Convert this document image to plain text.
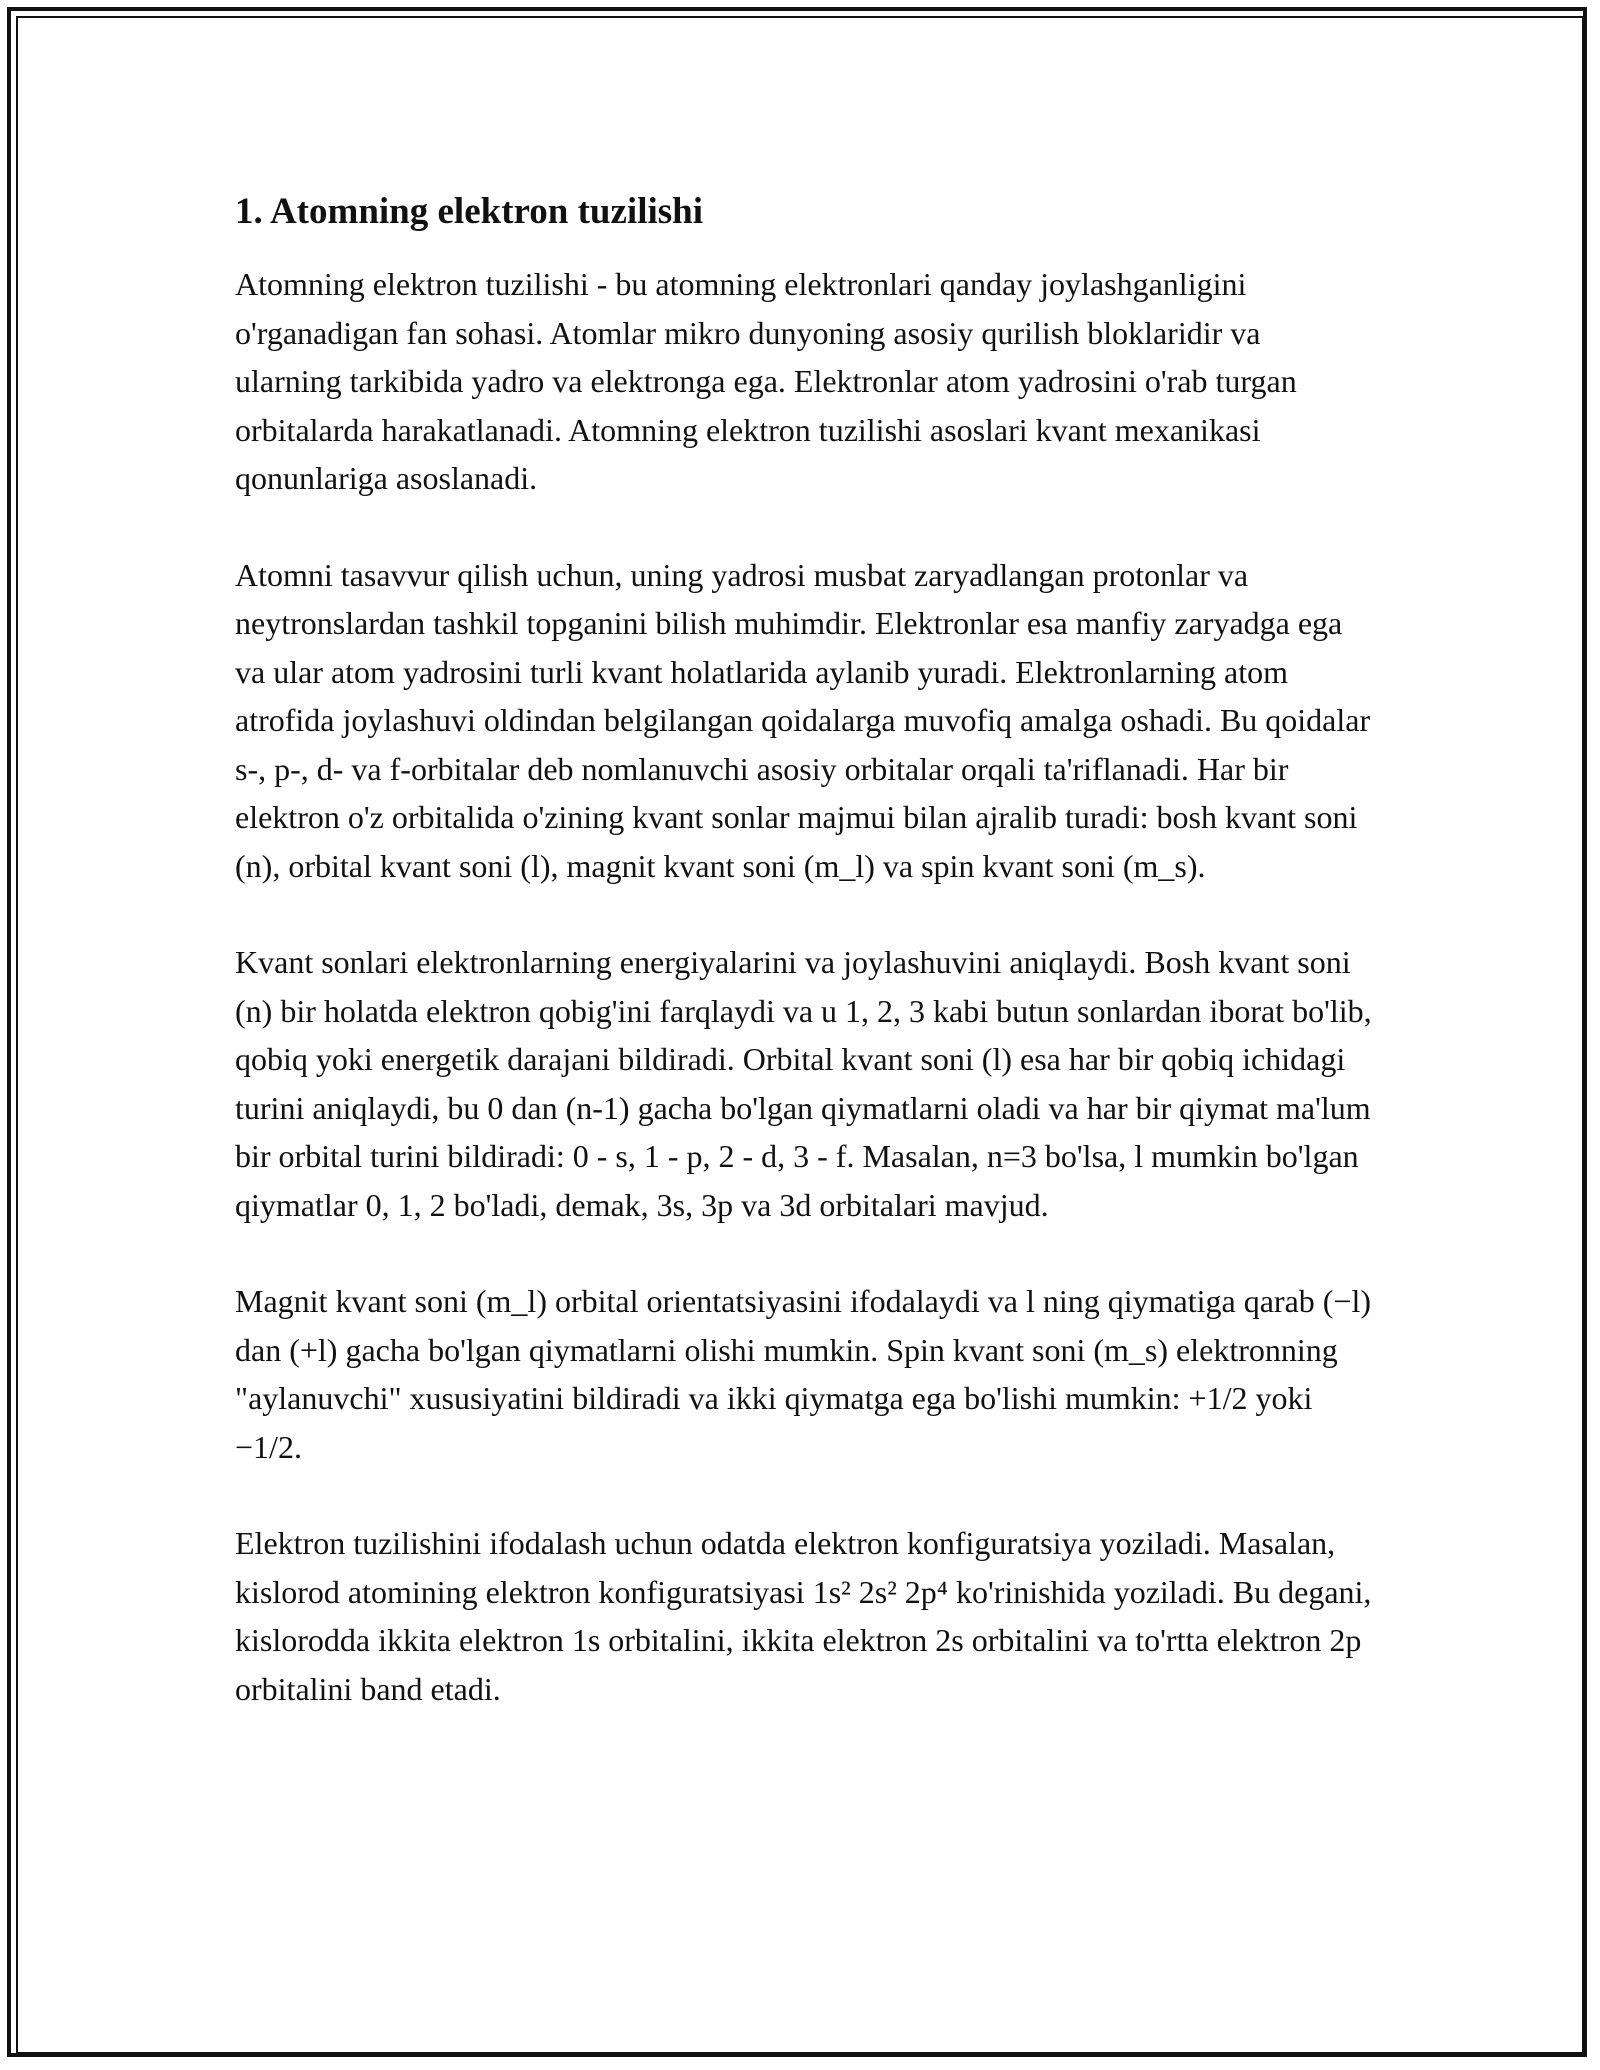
1. Atomning elektron tuzilishi

Atomning elektron tuzilishi - bu atomning elektronlari qanday joylashganligini o'rganadigan fan sohasi. Atomlar mikro dunyoning asosiy qurilish bloklaridir va ularning tarkibida yadro va elektronga ega. Elektronlar atom yadrosini o'rab turgan orbitalarda harakatlanadi. Atomning elektron tuzilishi asoslari kvant mexanikasi qonunlariga asoslanadi.

Atomni tasavvur qilish uchun, uning yadrosi musbat zaryadlangan protonlar va neytronslardan tashkil topganini bilish muhimdir. Elektronlar esa manfiy zaryadga ega va ular atom yadrosini turli kvant holatlarida aylanib yuradi. Elektronlarning atom atrofida joylashuvi oldindan belgilangan qoidalarga muvofiq amalga oshadi. Bu qoidalar s-, p-, d- va f-orbitalar deb nomlanuvchi asosiy orbitalar orqali ta'riflanadi. Har bir elektron o'z orbitalida o'zining kvant sonlar majmui bilan ajralib turadi: bosh kvant soni (n), orbital kvant soni (l), magnit kvant soni (m_l) va spin kvant soni (m_s).

Kvant sonlari elektronlarning energiyalarini va joylashuvini aniqlaydi. Bosh kvant soni (n) bir holatda elektron qobig'ini farqlaydi va u 1, 2, 3 kabi butun sonlardan iborat bo'lib, qobiq yoki energetik darajani bildiradi. Orbital kvant soni (l) esa har bir qobiq ichidagi turini aniqlaydi, bu 0 dan (n-1) gacha bo'lgan qiymatlarni oladi va har bir qiymat ma'lum bir orbital turini bildiradi: 0 - s, 1 - p, 2 - d, 3 - f. Masalan, n=3 bo'lsa, l mumkin bo'lgan qiymatlar 0, 1, 2 bo'ladi, demak, 3s, 3p va 3d orbitalari mavjud.

Magnit kvant soni (m_l) orbital orientatsiyasini ifodalaydi va l ning qiymatiga qarab (−l) dan (+l) gacha bo'lgan qiymatlarni olishi mumkin. Spin kvant soni (m_s) elektronning "aylanuvchi" xususiyatini bildiradi va ikki qiymatga ega bo'lishi mumkin: +1/2 yoki −1/2.

Elektron tuzilishini ifodalash uchun odatda elektron konfiguratsiya yoziladi. Masalan, kislorod atomining elektron konfiguratsiyasi 1s² 2s² 2p⁴ ko'rinishida yoziladi. Bu degani, kislorodda ikkita elektron 1s orbitalini, ikkita elektron 2s orbitalini va to'rtta elektron 2p orbitalini band etadi.
